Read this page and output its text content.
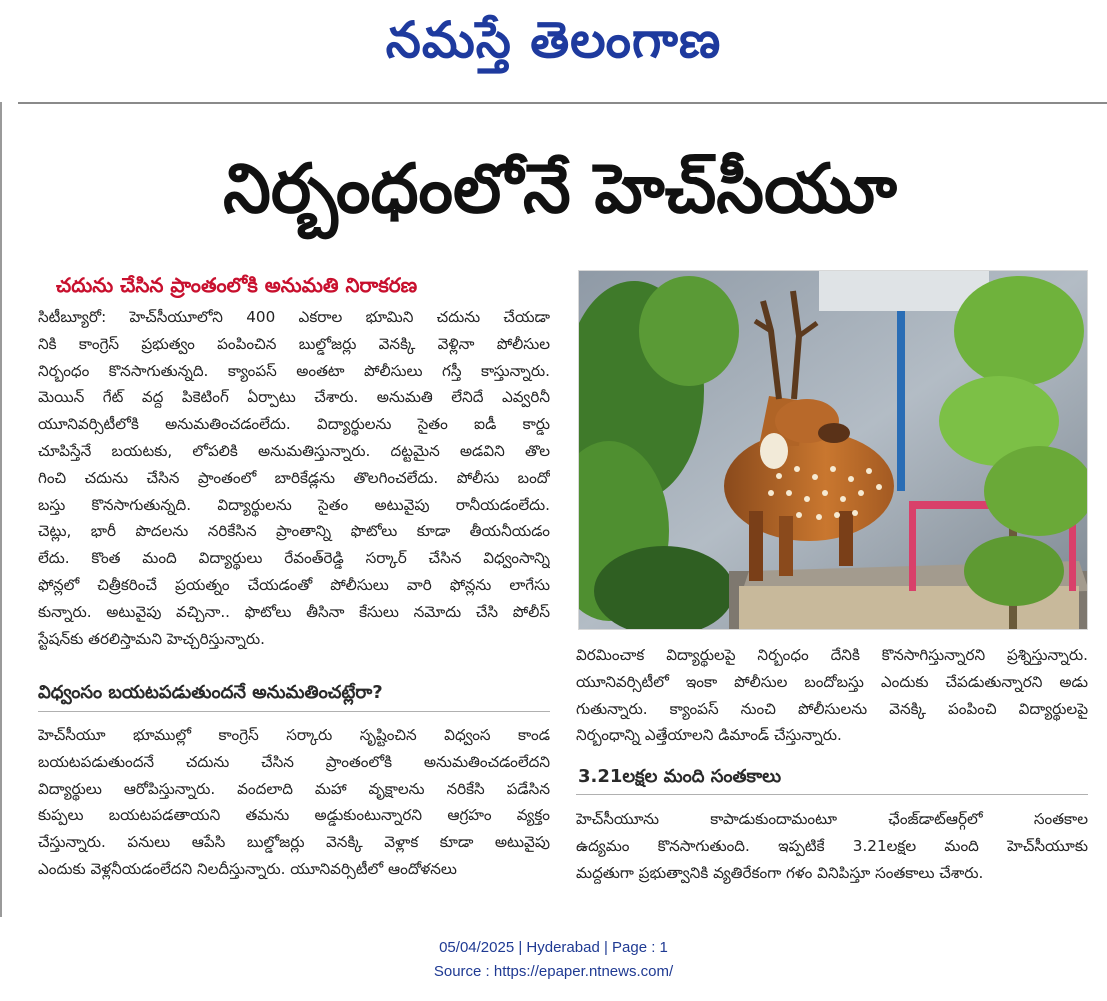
నమస్తే తెలంగాణ
నిర్బంధంలోనే హెచ్‌సీయూ
చదును చేసిన ప్రాంతంలోకి అనుమతి నిరాకరణ
సిటీబ్యూరో: హెచ్‌సీయూలోని 400 ఎకరాల భూమిని చదును చేయడా
నికి కాంగ్రెస్ ప్రభుత్వం పంపించిన బుల్డోజర్లు వెనక్కి వెళ్లినా పోలీసుల
నిర్బంధం కొనసాగుతున్నది. క్యాంపస్ అంతటా పోలీసులు గస్తీ కాస్తున్నారు.
మెయిన్ గేట్ వద్ద పికెటింగ్ ఏర్పాటు చేశారు. అనుమతి లేనిదే ఎవ్వరినీ
యూనివర్సిటీలోకి అనుమతించడంలేదు. విద్యార్థులను సైతం ఐడీ కార్డు
చూపిస్తేనే బయటకు, లోపలికి అనుమతిస్తున్నారు. దట్టమైన అడవిని తొల
గించి చదును చేసిన ప్రాంతంలో బారికేడ్లను తొలగించలేదు. పోలీసు బందో
బస్తు కొనసాగుతున్నది. విద్యార్థులను సైతం అటువైపు రానీయడంలేదు.
చెట్లు, భారీ పొదలను నరికేసిన ప్రాంతాన్ని ఫొటోలు కూడా తీయనీయడం
లేదు. కొంత మంది విద్యార్థులు రేవంత్‌రెడ్డి సర్కార్ చేసిన విధ్వంసాన్ని
ఫోన్లలో చిత్రీకరించే ప్రయత్నం చేయడంతో పోలీసులు వారి ఫోన్లను లాగేసు
కున్నారు. అటువైపు వచ్చినా.. ఫొటోలు తీసినా కేసులు నమోదు చేసి పోలీస్
స్టేషన్‌కు తరలిస్తామని హెచ్చరిస్తున్నారు.
విధ్వంసం బయటపడుతుందనే అనుమతించట్లేరా?
హెచ్‌సీయూ భూముల్లో కాంగ్రెస్ సర్కారు సృష్టించిన విధ్వంస కాండ
బయటపడుతుందనే చదును చేసిన ప్రాంతంలోకి అనుమతించడంలేదని
విద్యార్థులు ఆరోపిస్తున్నారు. వందలాది మహా వృక్షాలను నరికేసి పడేసిన
కుప్పలు బయటపడతాయని తమను అడ్డుకుంటున్నారని ఆగ్రహం వ్యక్తం
చేస్తున్నారు. పనులు ఆపేసి బుల్డోజర్లు వెనక్కి వెళ్లాక కూడా అటువైపు
ఎందుకు వెళ్లనీయడంలేదని నిలదీస్తున్నారు. యూనివర్సిటీలో ఆందోళనలు
విరమించాక విద్యార్థులపై నిర్బంధం దేనికి కొనసాగిస్తున్నారని ప్రశ్నిస్తున్నారు.
యూనివర్సిటీలో ఇంకా పోలీసుల బందోబస్తు ఎందుకు చేపడుతున్నారని అడు
గుతున్నారు. క్యాంపస్ నుంచి పోలీసులను వెనక్కి పంపించి విద్యార్థులపై
నిర్బంధాన్ని ఎత్తేయాలని డిమాండ్ చేస్తున్నారు.
3.21లక్షల మంది సంతకాలు
హెచ్‌సీయూను కాపాడుకుందామంటూ ఛేంజ్‌డాట్‌ఆర్గ్‌లో సంతకాల
ఉద్యమం కొనసాగుతుంది. ఇప్పటికే 3.21లక్షల మంది హెచ్‌సీయూకు
మద్దతుగా ప్రభుత్వానికి వ్యతిరేకంగా గళం వినిపిస్తూ సంతకాలు చేశారు.
05/04/2025 | Hyderabad | Page : 1
Source : https://epaper.ntnews.com/
